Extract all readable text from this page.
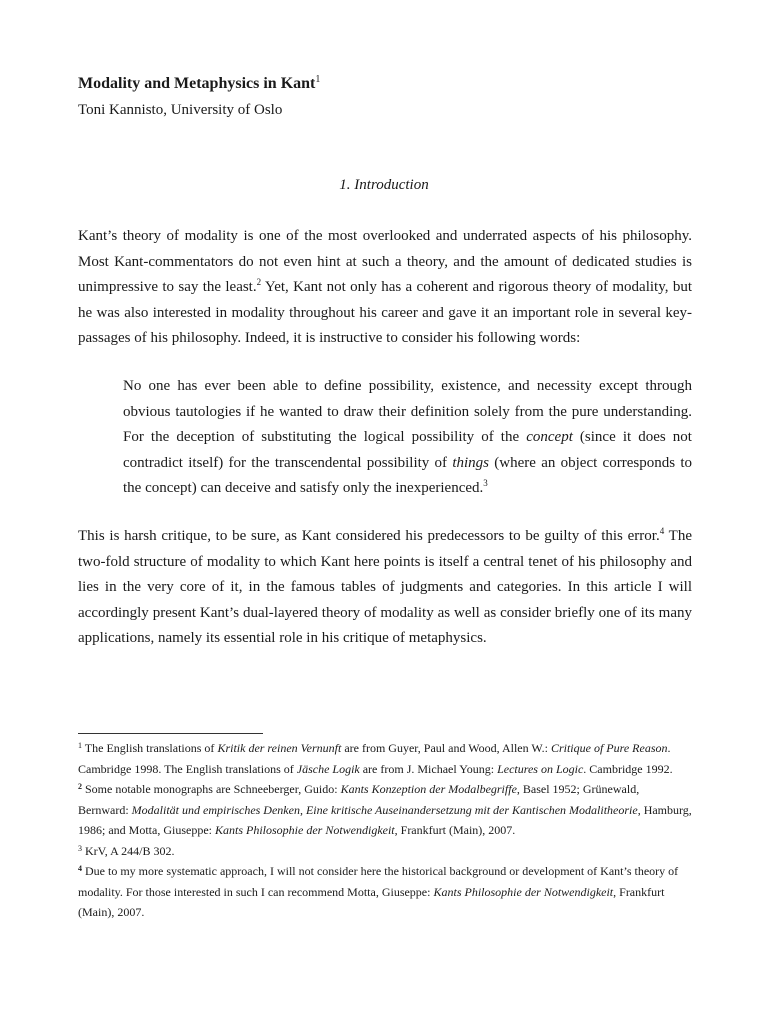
Modality and Metaphysics in Kant$^1$
Toni Kannisto, University of Oslo
1. Introduction

Kant’s theory of modality is one of the most overlooked and underrated aspects of his philosophy. Most Kant-commentators do not even hint at such a theory, and the amount of dedicated studies is unimpressive to say the least.$^2$ Yet, Kant not only has a coherent and rigorous theory of modality, but he was also interested in modality throughout his career and gave it an important role in several key-passages of his philosophy. Indeed, it is instructive to consider his following words:

No one has ever been able to define possibility, existence, and necessity except through obvious tautologies if he wanted to draw their definition solely from the pure understanding. For the deception of substituting the logical possibility of the concept (since it does not contradict itself) for the transcendental possibility of things (where an object corresponds to the concept) can deceive and satisfy only the inexperienced.$^3$

This is harsh critique, to be sure, as Kant considered his predecessors to be guilty of this error.$^4$ The two-fold structure of modality to which Kant here points is itself a central tenet of his philosophy and lies in the very core of it, in the famous tables of judgments and categories. In this article I will accordingly present Kant’s dual-layered theory of modality as well as consider briefly one of its many applications, namely its essential role in his critique of metaphysics.

$^1$ The English translations of Kritik der reinen Vernunft are from Guyer, Paul and Wood, Allen W.: Critique of Pure Reason. Cambridge 1998. The English translations of Jäsche Logik are from J. Michael Young: Lectures on Logic. Cambridge 1992.

$^2$ Some notable monographs are Schneeberger, Guido: Kants Konzeption der Modalbegriffe, Basel 1952; Grünewald, Bernward: Modalität und empirisches Denken, Eine kritische Auseinandersetzung mit der Kantischen Modalitheorie, Hamburg, 1986; and Motta, Giuseppe: Kants Philosophie der Notwendigkeit, Frankfurt (Main), 2007.

$^3$ KrV, A 244/B 302.

$^4$ Due to my more systematic approach, I will not consider here the historical background or development of Kant’s theory of modality. For those interested in such I can recommend Motta, Giuseppe: Kants Philosophie der Notwendigkeit, Frankfurt (Main), 2007.
